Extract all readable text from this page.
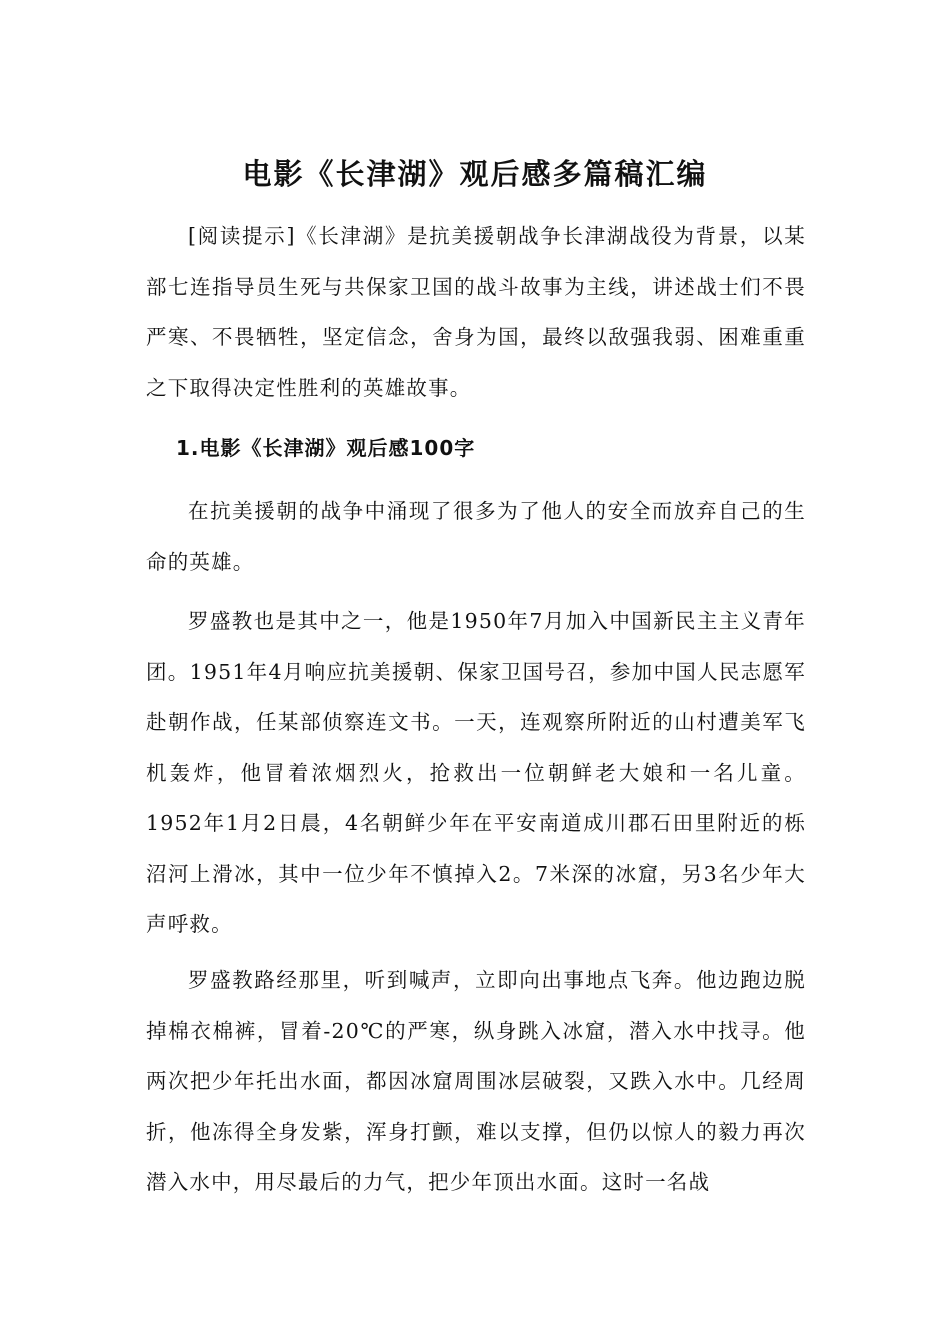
电影《长津湖》观后感多篇稿汇编

[阅读提示]《长津湖》是抗美援朝战争长津湖战役为背景，以某部七连指导员生死与共保家卫国的战斗故事为主线，讲述战士们不畏严寒、不畏牺牲，坚定信念，舍身为国，最终以敌强我弱、困难重重之下取得决定性胜利的英雄故事。

1.电影《长津湖》观后感100字

在抗美援朝的战争中涌现了很多为了他人的安全而放弃自己的生命的英雄。

罗盛教也是其中之一，他是1950年7月加入中国新民主主义青年团。1951年4月响应抗美援朝、保家卫国号召，参加中国人民志愿军赴朝作战，任某部侦察连文书。一天，连观察所附近的山村遭美军飞机轰炸，他冒着浓烟烈火，抢救出一位朝鲜老大娘和一名儿童。1952年1月2日晨，4名朝鲜少年在平安南道成川郡石田里附近的栎沼河上滑冰，其中一位少年不慎掉入2。7米深的冰窟，另3名少年大声呼救。

罗盛教路经那里，听到喊声，立即向出事地点飞奔。他边跑边脱掉棉衣棉裤，冒着-20℃的严寒，纵身跳入冰窟，潜入水中找寻。他两次把少年托出水面，都因冰窟周围冰层破裂，又跌入水中。几经周折，他冻得全身发紫，浑身打颤，难以支撑，但仍以惊人的毅力再次潜入水中，用尽最后的力气，把少年顶出水面。这时一名战
